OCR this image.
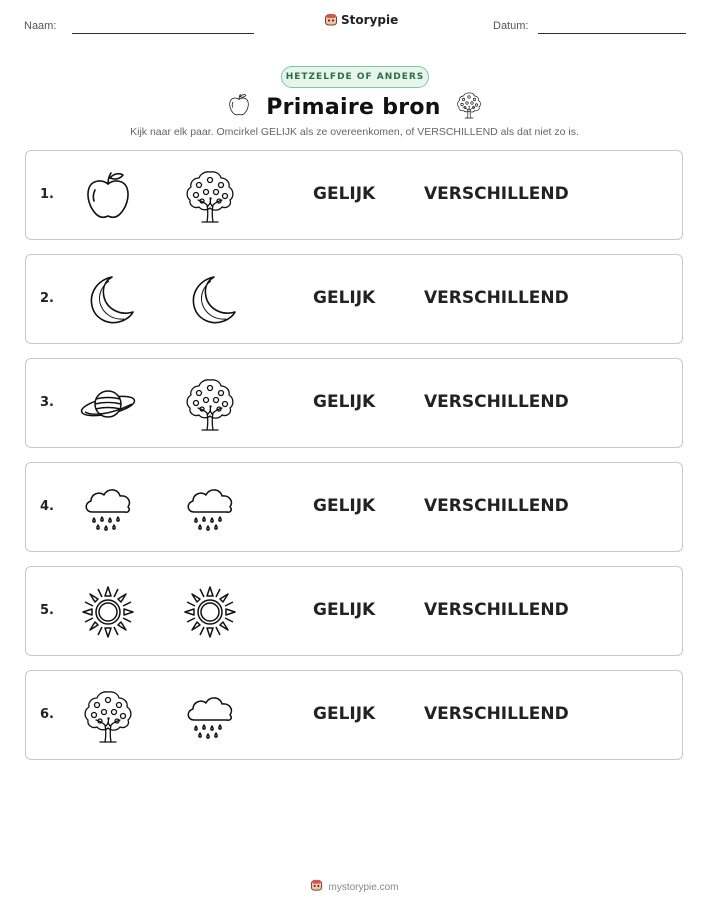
Naam:	Storypie	Datum:
HETZELFDE OF ANDERS
Primaire bron
Kijk naar elk paar. Omcirkel GELIJK als ze overeenkomen, of VERSCHILLEND als dat niet zo is.
1.	GELIJK	VERSCHILLEND
2.	GELIJK	VERSCHILLEND
3.	GELIJK	VERSCHILLEND
4.	GELIJK	VERSCHILLEND
5.	GELIJK	VERSCHILLEND
6.	GELIJK	VERSCHILLEND
mystorypie.com
